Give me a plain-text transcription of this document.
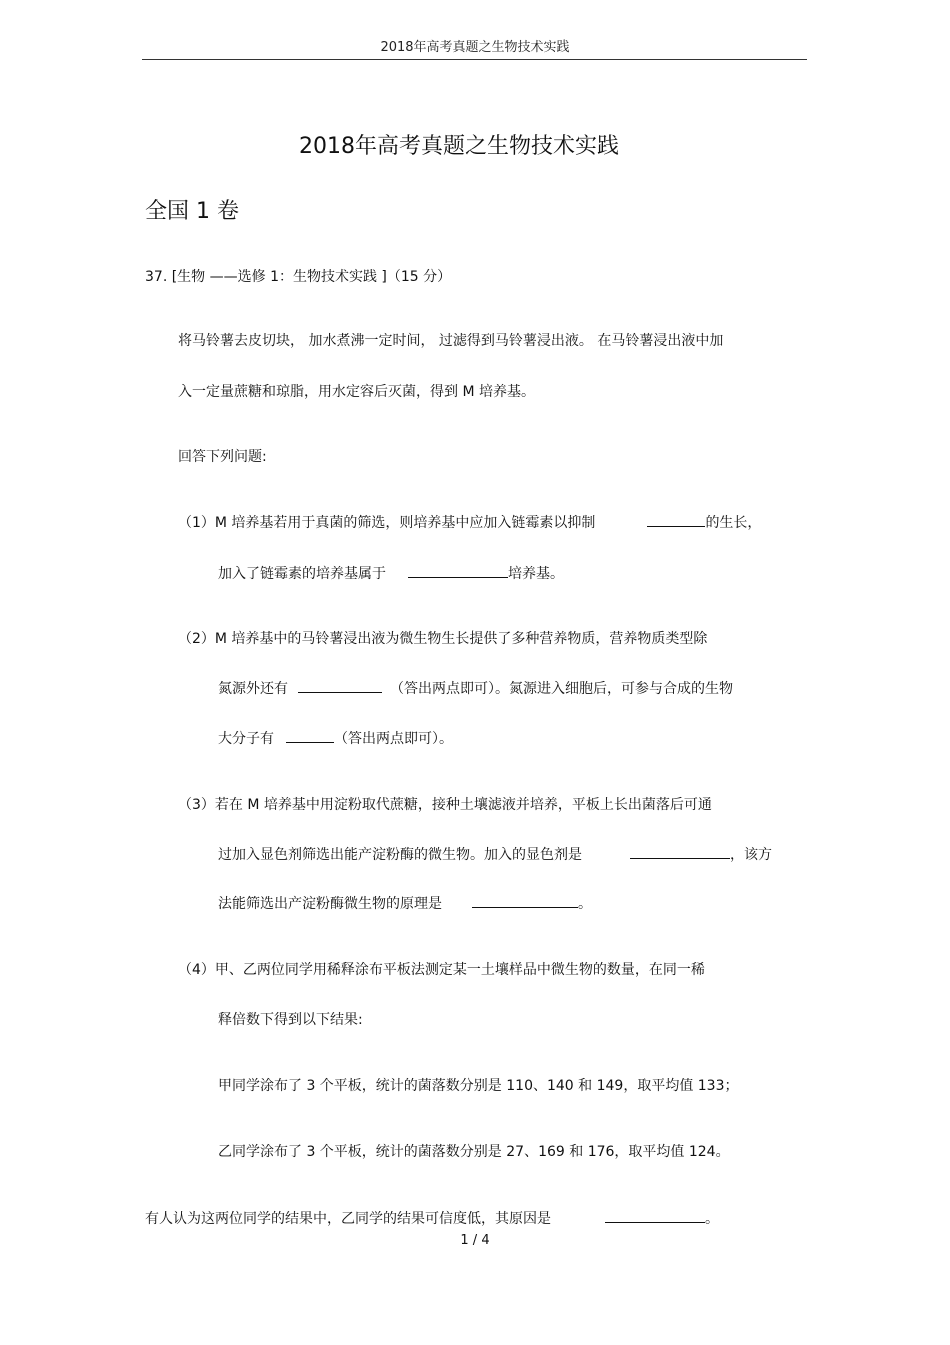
2018年高考真题之生物技术实践
2018年高考真题之生物技术实践
全国 1 卷
37. [生物 ——选修 1：生物技术实践 ]（15 分）
将马铃薯去皮切块， 加水煮沸一定时间， 过滤得到马铃薯浸出液。 在马铃薯浸出液中加
入一定量蔗糖和琼脂，用水定容后灭菌，得到 M 培养基。
回答下列问题:
（1）M 培养基若用于真菌的筛选，则培养基中应加入链霉素以抑制	的生长，
加入了链霉素的培养基属于	培养基。
（2）M 培养基中的马铃薯浸出液为微生物生长提供了多种营养物质，营养物质类型除
氮源外还有	（答出两点即可）。氮源进入细胞后，可参与合成的生物
大分子有	（答出两点即可）。
（3）若在 M 培养基中用淀粉取代蔗糖，接种土壤滤液并培养，平板上长出菌落后可通
过加入显色剂筛选出能产淀粉酶的微生物。加入的显色剂是	，该方
法能筛选出产淀粉酶微生物的原理是	。
（4）甲、乙两位同学用稀释涂布平板法测定某一土壤样品中微生物的数量，在同一稀
释倍数下得到以下结果:
甲同学涂布了 3 个平板，统计的菌落数分别是 110、140 和 149，取平均值 133；
乙同学涂布了 3 个平板，统计的菌落数分别是 27、169 和 176，取平均值 124。
有人认为这两位同学的结果中，乙同学的结果可信度低，其原因是	。
1 / 4
